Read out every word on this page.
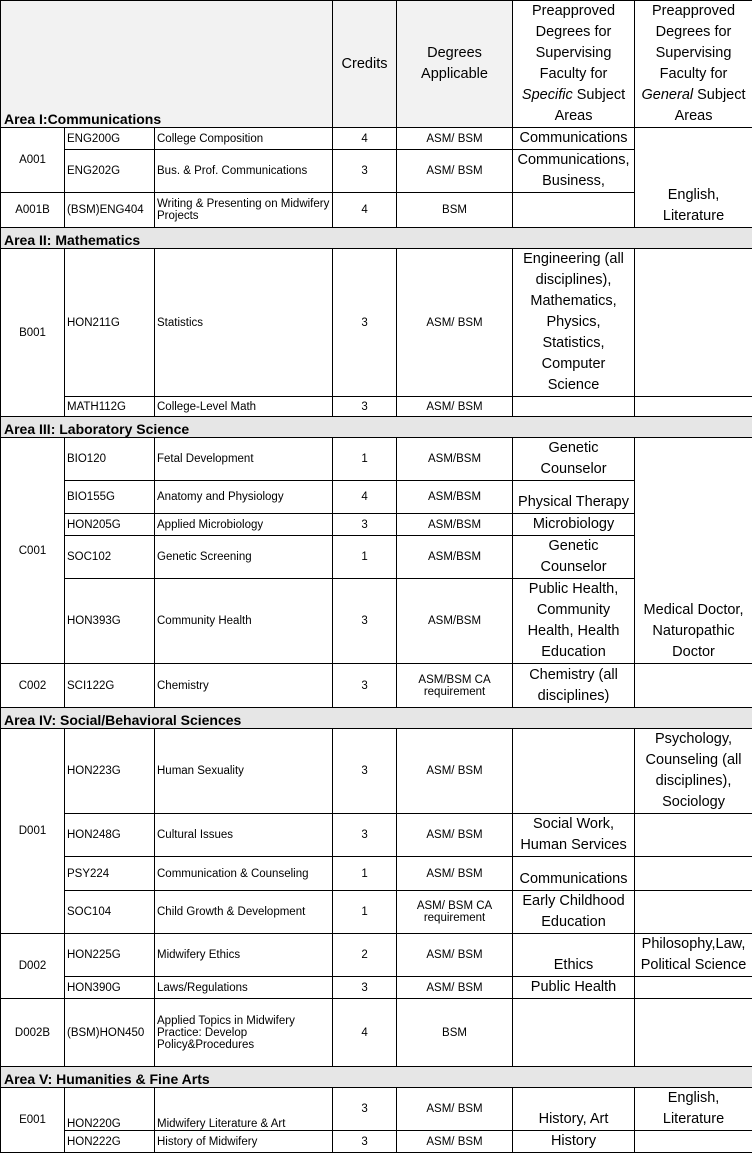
Area I:Communications			Credits	Degrees Applicable	Preapproved Degrees for Supervising Faculty for Specific Subject Areas	Preapproved Degrees for Supervising Faculty for General Subject Areas
A001	ENG200G	College Composition	4	ASM/ BSM	Communications	English, Literature
	ENG202G	Bus. & Prof. Communications	3	ASM/ BSM	Communications, Business,	
A001B	(BSM)ENG404	Writing & Presenting on Midwifery Projects	4	BSM		
Area II: Mathematics						
B001	HON211G	Statistics	3	ASM/ BSM	Engineering (all disciplines), Mathematics, Physics, Statistics, Computer Science	
	MATH112G	College-Level Math	3	ASM/ BSM		
Area III: Laboratory Science						
C001	BIO120	Fetal Development	1	ASM/BSM	Genetic Counselor	Medical Doctor, Naturopathic Doctor
	BIO155G	Anatomy and Physiology	4	ASM/BSM	Physical Therapy	
	HON205G	Applied Microbiology	3	ASM/BSM	Microbiology	
	SOC102	Genetic Screening	1	ASM/BSM	Genetic Counselor	
	HON393G	Community Health	3	ASM/BSM	Public Health, Community Health, Health Education	
C002	SCI122G	Chemistry	3	ASM/BSM CA requirement	Chemistry (all disciplines)	
Area IV: Social/Behavioral Sciences						
D001	HON223G	Human Sexuality	3	ASM/ BSM		Psychology, Counseling (all disciplines), Sociology
	HON248G	Cultural Issues	3	ASM/ BSM	Social Work, Human Services	
	PSY224	Communication & Counseling	1	ASM/ BSM	Communications	
	SOC104	Child Growth & Development	1	ASM/ BSM CA requirement	Early Childhood Education	
D002	HON225G	Midwifery Ethics	2	ASM/ BSM	Ethics	Philosophy,Law, Political Science
	HON390G	Laws/Regulations	3	ASM/ BSM	Public Health	
D002B	(BSM)HON450	Applied Topics in Midwifery Practice: Develop Policy&Procedures	4	BSM		
Area V: Humanities & Fine Arts						
E001	HON220G	Midwifery Literature & Art	3	ASM/ BSM	History, Art	English, Literature
	HON222G	History of Midwifery	3	ASM/ BSM	History	
